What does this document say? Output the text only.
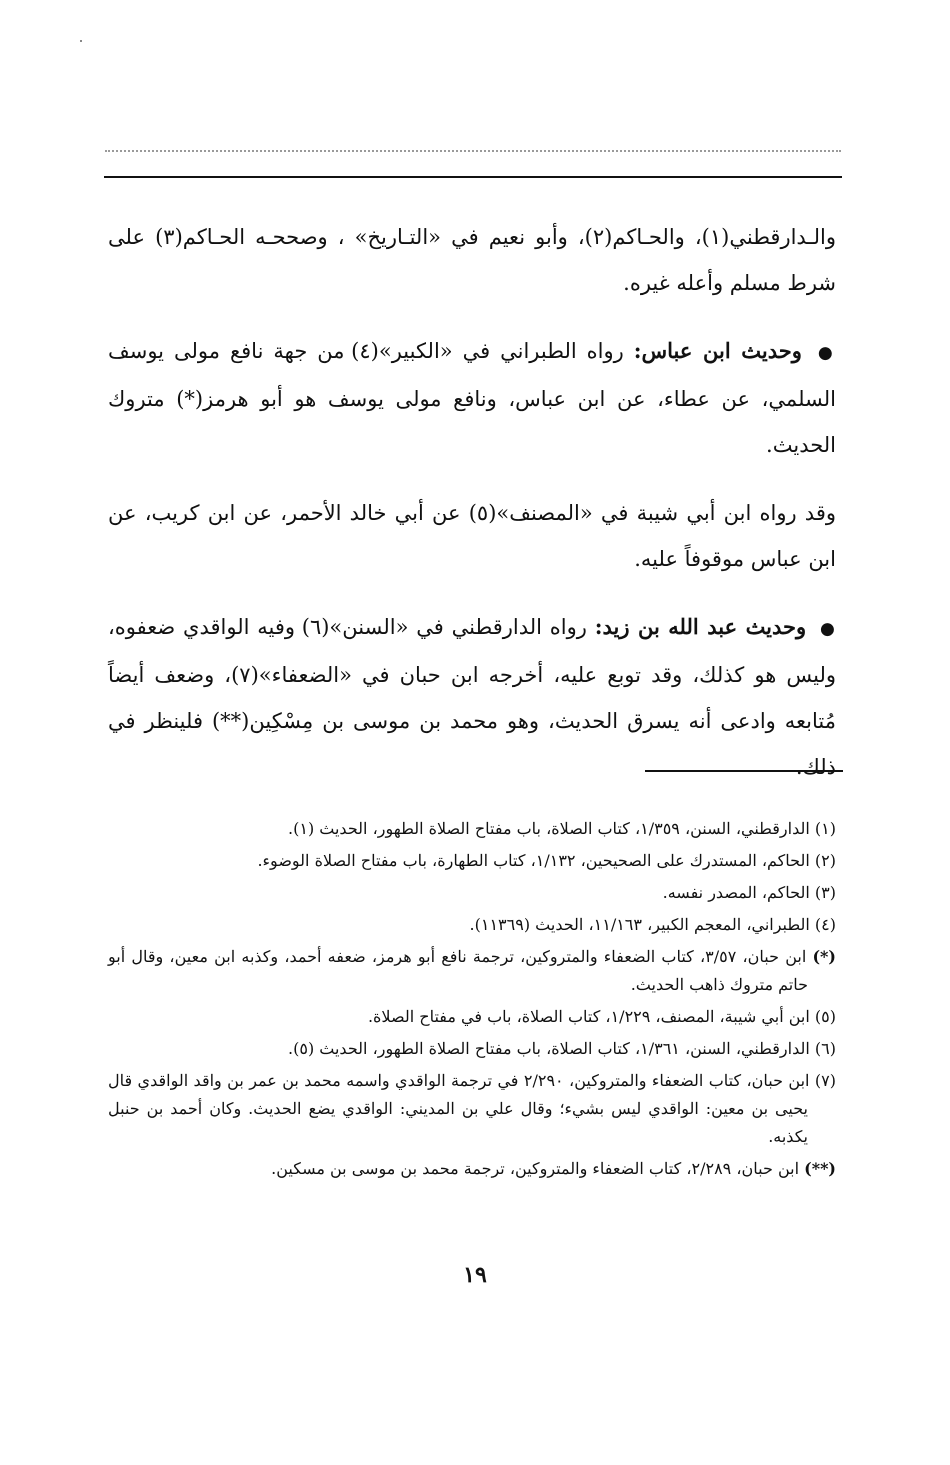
والـدارقطني(١)، والحـاكم(٢)، وأبو نعيم في «التـاريخ» ، وصححـه الحـاكم(٣) على شرط مسلم وأعله غيره.

● وحديث ابن عباس: رواه الطبراني في «الكبير»(٤) من جهة نافع مولى يوسف السلمي، عن عطاء، عن ابن عباس، ونافع مولى يوسف هو أبو هرمز(*) متروك الحديث.

وقد رواه ابن أبي شيبة في «المصنف»(٥) عن أبي خالد الأحمر، عن ابن كريب، عن ابن عباس موقوفاً عليه.

● وحديث عبد الله بن زيد: رواه الدارقطني في «السنن»(٦) وفيه الواقدي ضعفوه، وليس هو كذلك، وقد توبع عليه، أخرجه ابن حبان في «الضعفاء»(٧)، وضعف أيضاً مُتابعه وادعى أنه يسرق الحديث، وهو محمد بن موسى بن مِسْكِين(**) فلينظر في ذلك.

(١) الدارقطني، السنن، ١/٣٥٩، كتاب الصلاة، باب مفتاح الصلاة الطهور، الحديث (١).

(٢) الحاكم، المستدرك على الصحيحين، ١/١٣٢، كتاب الطهارة، باب مفتاح الصلاة الوضوء.

(٣) الحاكم، المصدر نفسه.

(٤) الطبراني، المعجم الكبير، ١١/١٦٣، الحديث (١١٣٦٩).

(*) ابن حبان، ٣/٥٧، كتاب الضعفاء والمتروكين، ترجمة نافع أبو هرمز، ضعفه أحمد، وكذبه ابن معين، وقال أبو حاتم متروك ذاهب الحديث.

(٥) ابن أبي شيبة، المصنف، ١/٢٢٩، كتاب الصلاة، باب في مفتاح الصلاة.

(٦) الدارقطني، السنن، ١/٣٦١، كتاب الصلاة، باب مفتاح الصلاة الطهور، الحديث (٥).

(٧) ابن حبان، كتاب الضعفاء والمتروكين، ٢/٢٩٠ في ترجمة الواقدي واسمه محمد بن عمر بن واقد الواقدي قال يحيى بن معين: الواقدي ليس بشيء؛ وقال علي بن المديني: الواقدي يضع الحديث. وكان أحمد بن حنبل يكذبه.

(**) ابن حبان، ٢/٢٨٩، كتاب الضعفاء والمتروكين، ترجمة محمد بن موسى بن مسكين.

١٩
